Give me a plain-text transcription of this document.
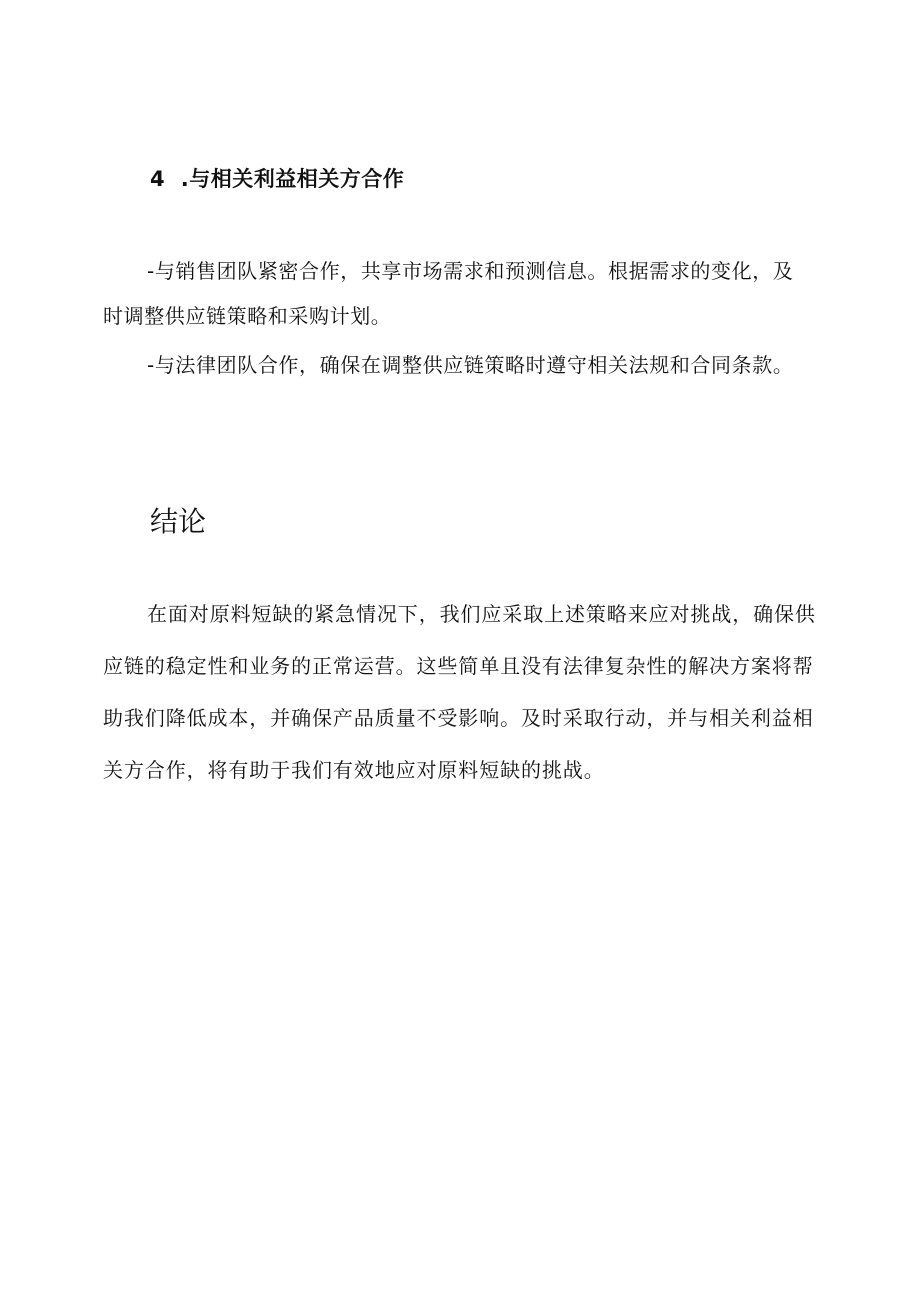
4  .与相关利益相关方合作

-与销售团队紧密合作，共享市场需求和预测信息。根据需求的变化，及时调整供应链策略和采购计划。

-与法律团队合作，确保在调整供应链策略时遵守相关法规和合同条款。

结论

在面对原料短缺的紧急情况下，我们应采取上述策略来应对挑战，确保供应链的稳定性和业务的正常运营。这些简单且没有法律复杂性的解决方案将帮助我们降低成本，并确保产品质量不受影响。及时采取行动，并与相关利益相关方合作，将有助于我们有效地应对原料短缺的挑战。
